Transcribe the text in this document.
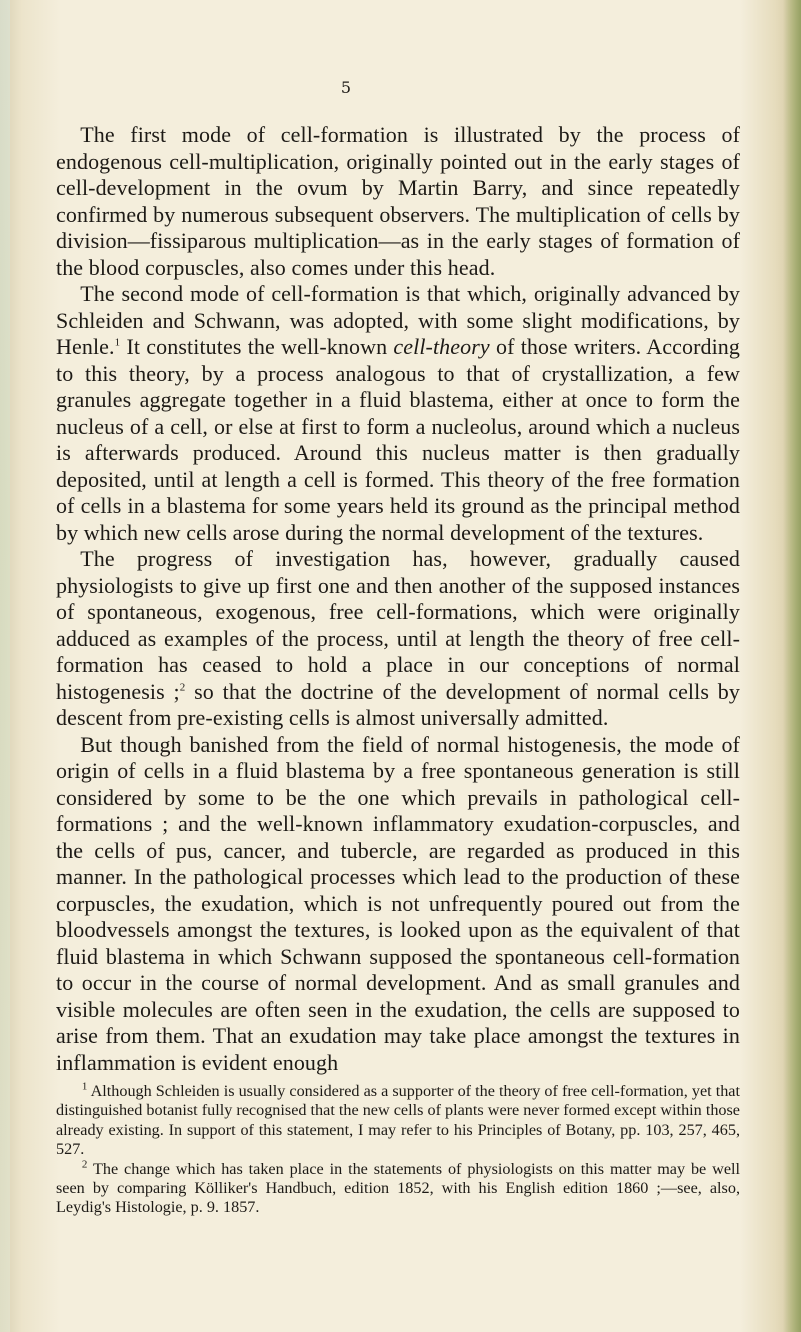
5

The first mode of cell-formation is illustrated by the process of endogenous cell-multiplication, originally pointed out in the early stages of cell-development in the ovum by Martin Barry, and since repeatedly confirmed by numerous subsequent observers. The multiplication of cells by division—fissiparous multiplication—as in the early stages of formation of the blood corpuscles, also comes under this head.

The second mode of cell-formation is that which, originally advanced by Schleiden and Schwann, was adopted, with some slight modifications, by Henle.$^1$ It constitutes the well-known cell-theory of those writers. According to this theory, by a process analogous to that of crystallization, a few granules aggregate together in a fluid blastema, either at once to form the nucleus of a cell, or else at first to form a nucleolus, around which a nucleus is afterwards produced. Around this nucleus matter is then gradually deposited, until at length a cell is formed. This theory of the free formation of cells in a blastema for some years held its ground as the principal method by which new cells arose during the normal development of the textures.

The progress of investigation has, however, gradually caused physiologists to give up first one and then another of the supposed instances of spontaneous, exogenous, free cell-formations, which were originally adduced as examples of the process, until at length the theory of free cell-formation has ceased to hold a place in our conceptions of normal histogenesis ;$^2$ so that the doctrine of the development of normal cells by descent from pre-existing cells is almost universally admitted.

But though banished from the field of normal histogenesis, the mode of origin of cells in a fluid blastema by a free spontaneous generation is still considered by some to be the one which prevails in pathological cell-formations ; and the well-known inflammatory exudation-corpuscles, and the cells of pus, cancer, and tubercle, are regarded as produced in this manner. In the pathological processes which lead to the production of these corpuscles, the exudation, which is not unfrequently poured out from the bloodvessels amongst the textures, is looked upon as the equivalent of that fluid blastema in which Schwann supposed the spontaneous cell-formation to occur in the course of normal development. And as small granules and visible molecules are often seen in the exudation, the cells are supposed to arise from them. That an exudation may take place amongst the textures in inflammation is evident enough

$^1$ Although Schleiden is usually considered as a supporter of the theory of free cell-formation, yet that distinguished botanist fully recognised that the new cells of plants were never formed except within those already existing. In support of this statement, I may refer to his Principles of Botany, pp. 103, 257, 465, 527.

$^2$ The change which has taken place in the statements of physiologists on this matter may be well seen by comparing Kölliker's Handbuch, edition 1852, with his English edition 1860 ;—see, also, Leydig's Histologie, p. 9. 1857.
